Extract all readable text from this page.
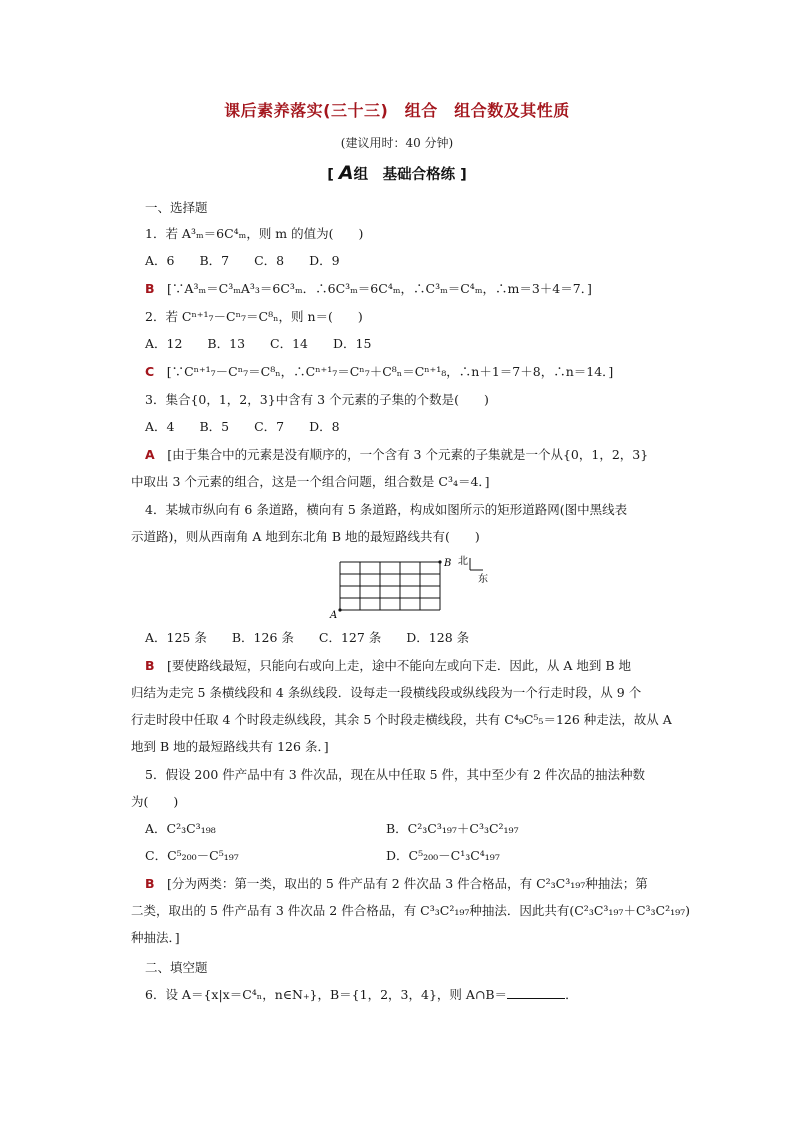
课后素养落实(三十三)　组合　组合数及其性质
(建议用时：40 分钟)
[ A组　基础合格练 ]
一、选择题
1．若 A³ₘ＝6C⁴ₘ，则 m 的值为(　　)
A．6　　B．7　　C．8　　D．9
B　 [∵A³ₘ＝C³ₘA³₃＝6C³ₘ．∴6C³ₘ＝6C⁴ₘ，∴C³ₘ＝C⁴ₘ，∴m＝3＋4＝7．]
2．若 Cⁿ⁺¹₇－Cⁿ₇＝C⁸ₙ，则 n＝(　　)
A．12　　B．13　　C．14　　D．15
C　 [∵Cⁿ⁺¹₇－Cⁿ₇＝C⁸ₙ，∴Cⁿ⁺¹₇＝Cⁿ₇＋C⁸ₙ＝Cⁿ⁺¹₈，∴n＋1＝7＋8，∴n＝14．]
3．集合{0，1，2，3}中含有 3 个元素的子集的个数是(　　)
A．4　　B．5　　C．7　　D．8
A　 [由于集合中的元素是没有顺序的，一个含有 3 个元素的子集就是一个从{0，1，2，3}
中取出 3 个元素的组合，这是一个组合问题，组合数是 C³₄＝4．]
4．某城市纵向有 6 条道路，横向有 5 条道路，构成如图所示的矩形道路网(图中黑线表
示道路)，则从西南角 A 地到东北角 B 地的最短路线共有(　　)
A
B 北
东
A．125 条　　B．126 条　　C．127 条　　D．128 条
B　 [要使路线最短，只能向右或向上走，途中不能向左或向下走．因此，从 A 地到 B 地
归结为走完 5 条横线段和 4 条纵线段．设每走一段横线段或纵线段为一个行走时段，从 9 个
行走时段中任取 4 个时段走纵线段，其余 5 个时段走横线段，共有 C⁴₉C⁵₅＝126 种走法，故从 A
地到 B 地的最短路线共有 126 条．]
5．假设 200 件产品中有 3 件次品，现在从中任取 5 件，其中至少有 2 件次品的抽法种数
为(　　)
A．C²₃C³₁₉₈	B．C²₃C³₁₉₇＋C³₃C²₁₉₇
C．C⁵₂₀₀－C⁵₁₉₇	D．C⁵₂₀₀－C¹₃C⁴₁₉₇
B　 [分为两类：第一类，取出的 5 件产品有 2 件次品 3 件合格品，有 C²₃C³₁₉₇种抽法；第
二类，取出的 5 件产品有 3 件次品 2 件合格品，有 C³₃C²₁₉₇种抽法．因此共有(C²₃C³₁₉₇＋C³₃C²₁₉₇)
种抽法．]
二、填空题
6．设 A＝{x|x＝C⁴ₙ，n∈N₊}，B＝{1，2，3，4}，则 A∩B＝	．
